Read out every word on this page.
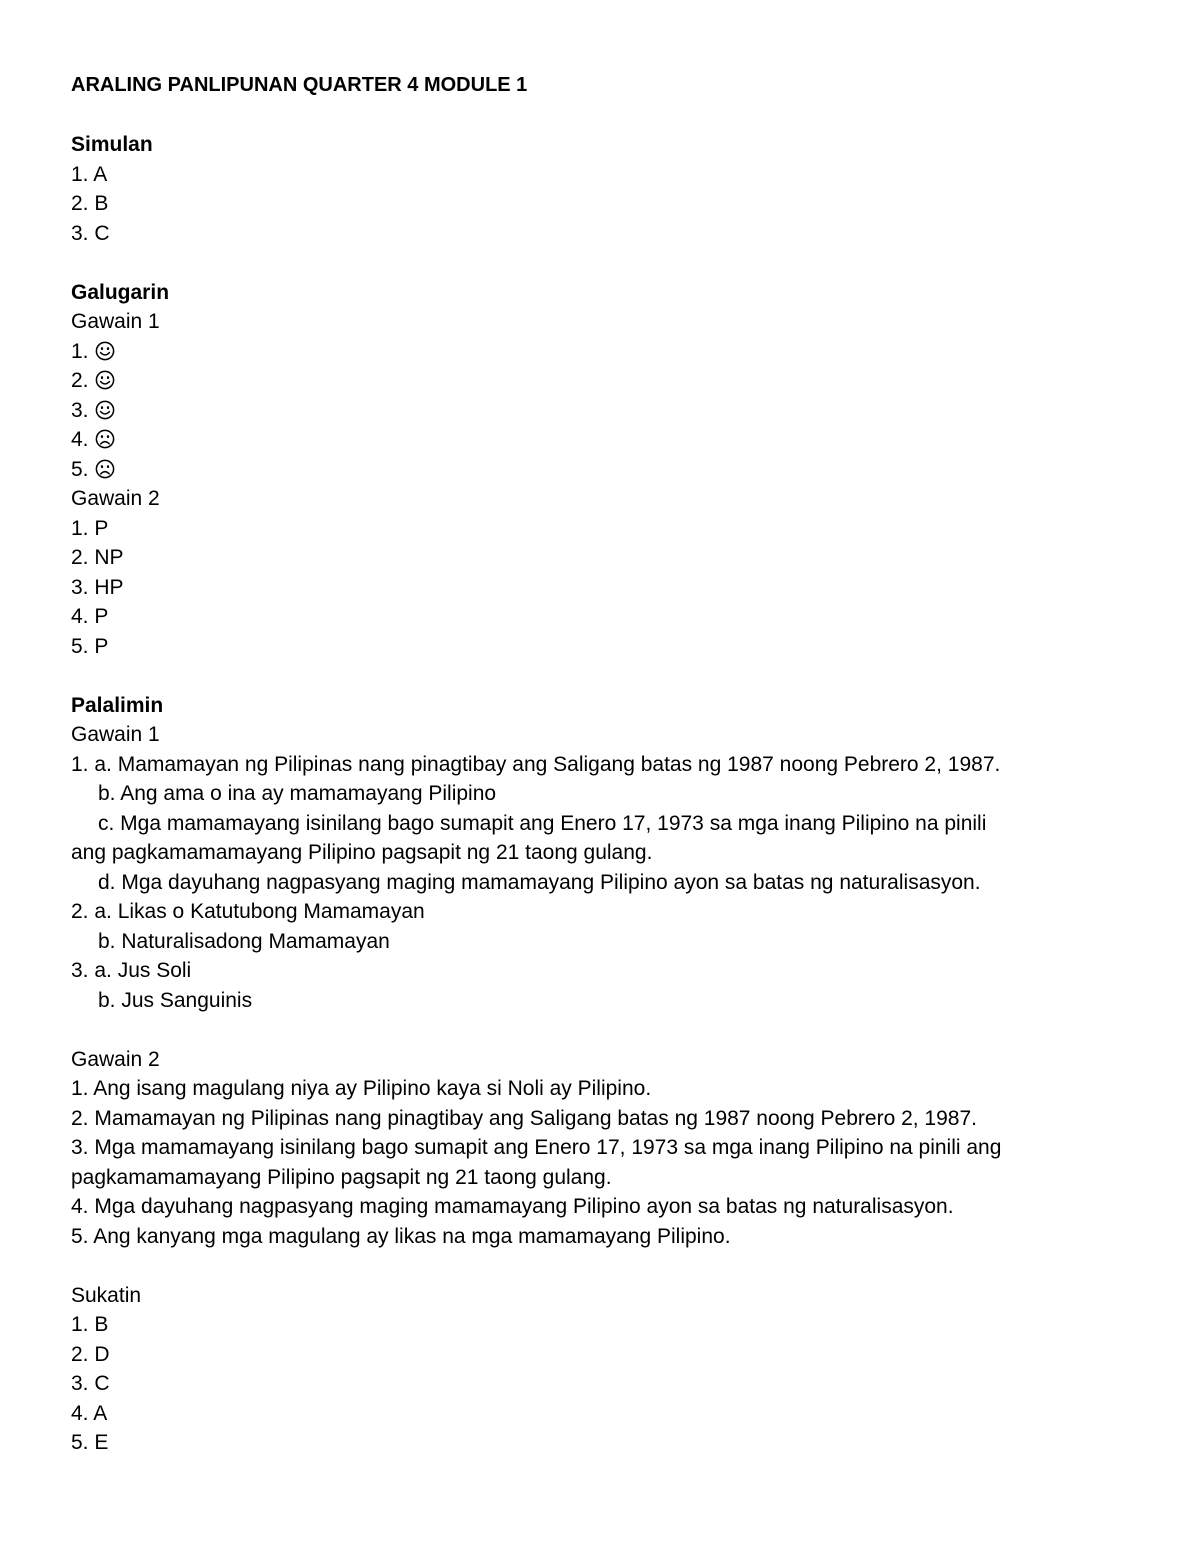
ARALING PANLIPUNAN QUARTER 4 MODULE 1
Simulan
1. A
2. B
3. C
Galugarin
Gawain 1
1.
2.
3.
4.
5.
Gawain 2
1. P
2. NP
3. HP
4. P
5. P
Palalimin
Gawain 1
1. a. Mamamayan ng Pilipinas nang pinagtibay ang Saligang batas ng 1987 noong Pebrero 2, 1987.
b. Ang ama o ina ay mamamayang Pilipino
c. Mga mamamayang isinilang bago sumapit ang Enero 17, 1973 sa mga inang Pilipino na pinili
ang pagkamamamayang Pilipino pagsapit ng 21 taong gulang.
d. Mga dayuhang nagpasyang maging mamamayang Pilipino ayon sa batas ng naturalisasyon.
2. a. Likas o Katutubong Mamamayan
b. Naturalisadong Mamamayan
3. a. Jus Soli
b. Jus Sanguinis
Gawain 2
1. Ang isang magulang niya ay Pilipino kaya si Noli ay Pilipino.
2. Mamamayan ng Pilipinas nang pinagtibay ang Saligang batas ng 1987 noong Pebrero 2, 1987.
3. Mga mamamayang isinilang bago sumapit ang Enero 17, 1973 sa mga inang Pilipino na pinili ang
pagkamamamayang Pilipino pagsapit ng 21 taong gulang.
4. Mga dayuhang nagpasyang maging mamamayang Pilipino ayon sa batas ng naturalisasyon.
5. Ang kanyang mga magulang ay likas na mga mamamayang Pilipino.
Sukatin
1. B
2. D
3. C
4. A
5. E
